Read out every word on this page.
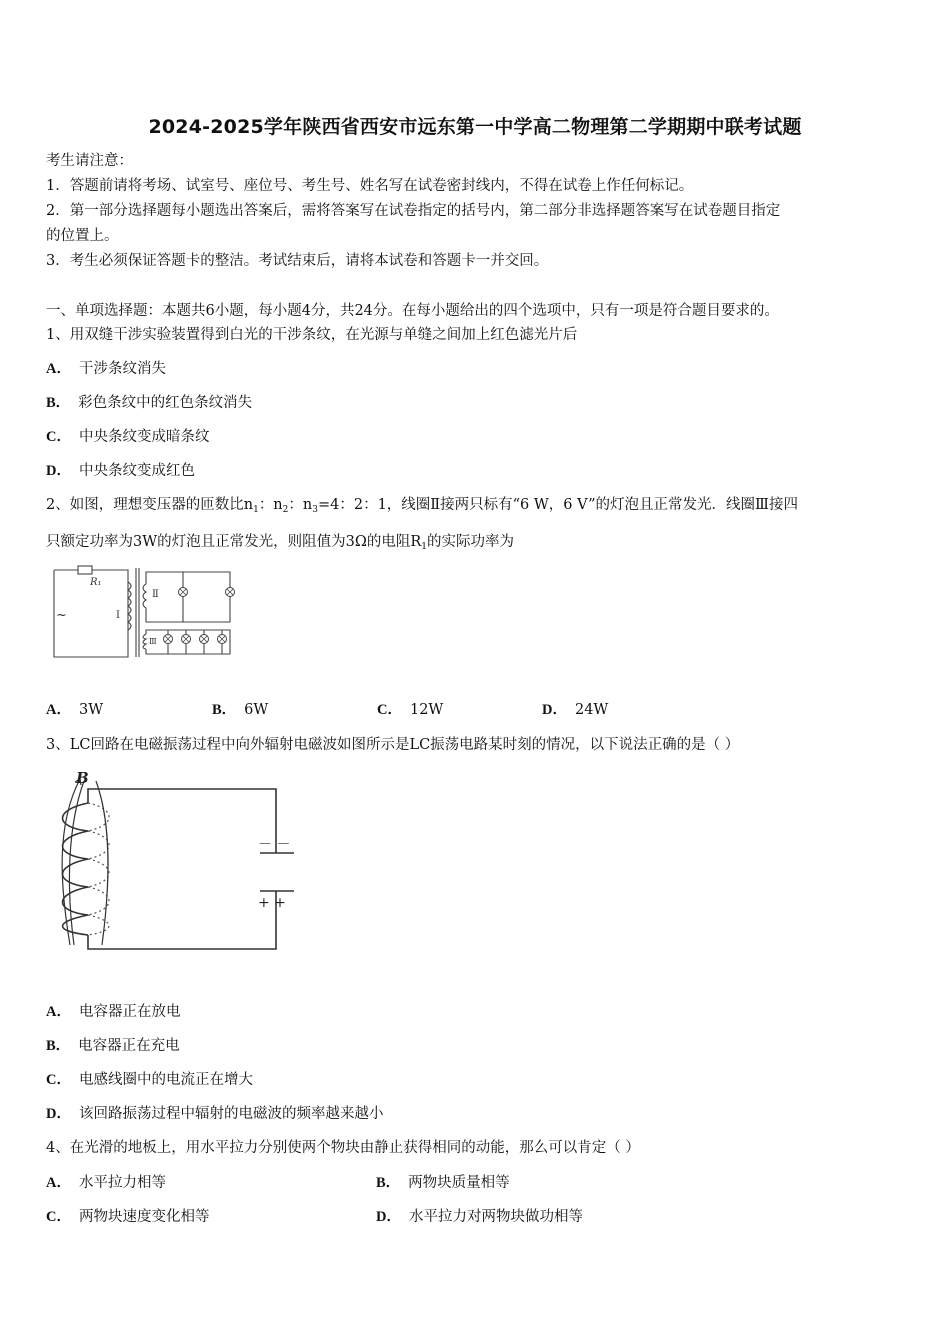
2024-2025学年陕西省西安市远东第一中学高二物理第二学期期中联考试题
考生请注意：
1．答题前请将考场、试室号、座位号、考生号、姓名写在试卷密封线内，不得在试卷上作任何标记。
2．第一部分选择题每小题选出答案后，需将答案写在试卷指定的括号内，第二部分非选择题答案写在试卷题目指定
的位置上。
3．考生必须保证答题卡的整洁。考试结束后，请将本试卷和答题卡一并交回。
一、单项选择题：本题共6小题，每小题4分，共24分。在每小题给出的四个选项中，只有一项是符合题目要求的。
1、用双缝干涉实验装置得到白光的干涉条纹，在光源与单缝之间加上红色滤光片后
A． 干涉条纹消失
B． 彩色条纹中的红色条纹消失
C． 中央条纹变成暗条纹
D． 中央条纹变成红色
2、如图，理想变压器的匝数比$n_1$：$n_2$：$n_3=4$：2：1，线圈Ⅱ接两只标有“6 W，6 V”的灯泡且正常发光．线圈Ⅲ接四
只额定功率为3W的灯泡且正常发光，则阻值为3Ω的电阻$R_1$的实际功率为
R₁
Ⅰ
Ⅱ
Ⅲ
~
A． 3W	B． 6W	C． 12W	D． 24W
3、LC回路在电磁振荡过程中向外辐射电磁波如图所示是LC振荡电路某时刻的情况，以下说法正确的是（ ）
B
－ －
+ +
A． 电容器正在放电
B． 电容器正在充电
C． 电感线圈中的电流正在增大
D． 该回路振荡过程中辐射的电磁波的频率越来越小
4、在光滑的地板上，用水平拉力分别使两个物块由静止获得相同的动能，那么可以肯定（ ）
A． 水平拉力相等	B． 两物块质量相等
C． 两物块速度变化相等	D． 水平拉力对两物块做功相等
